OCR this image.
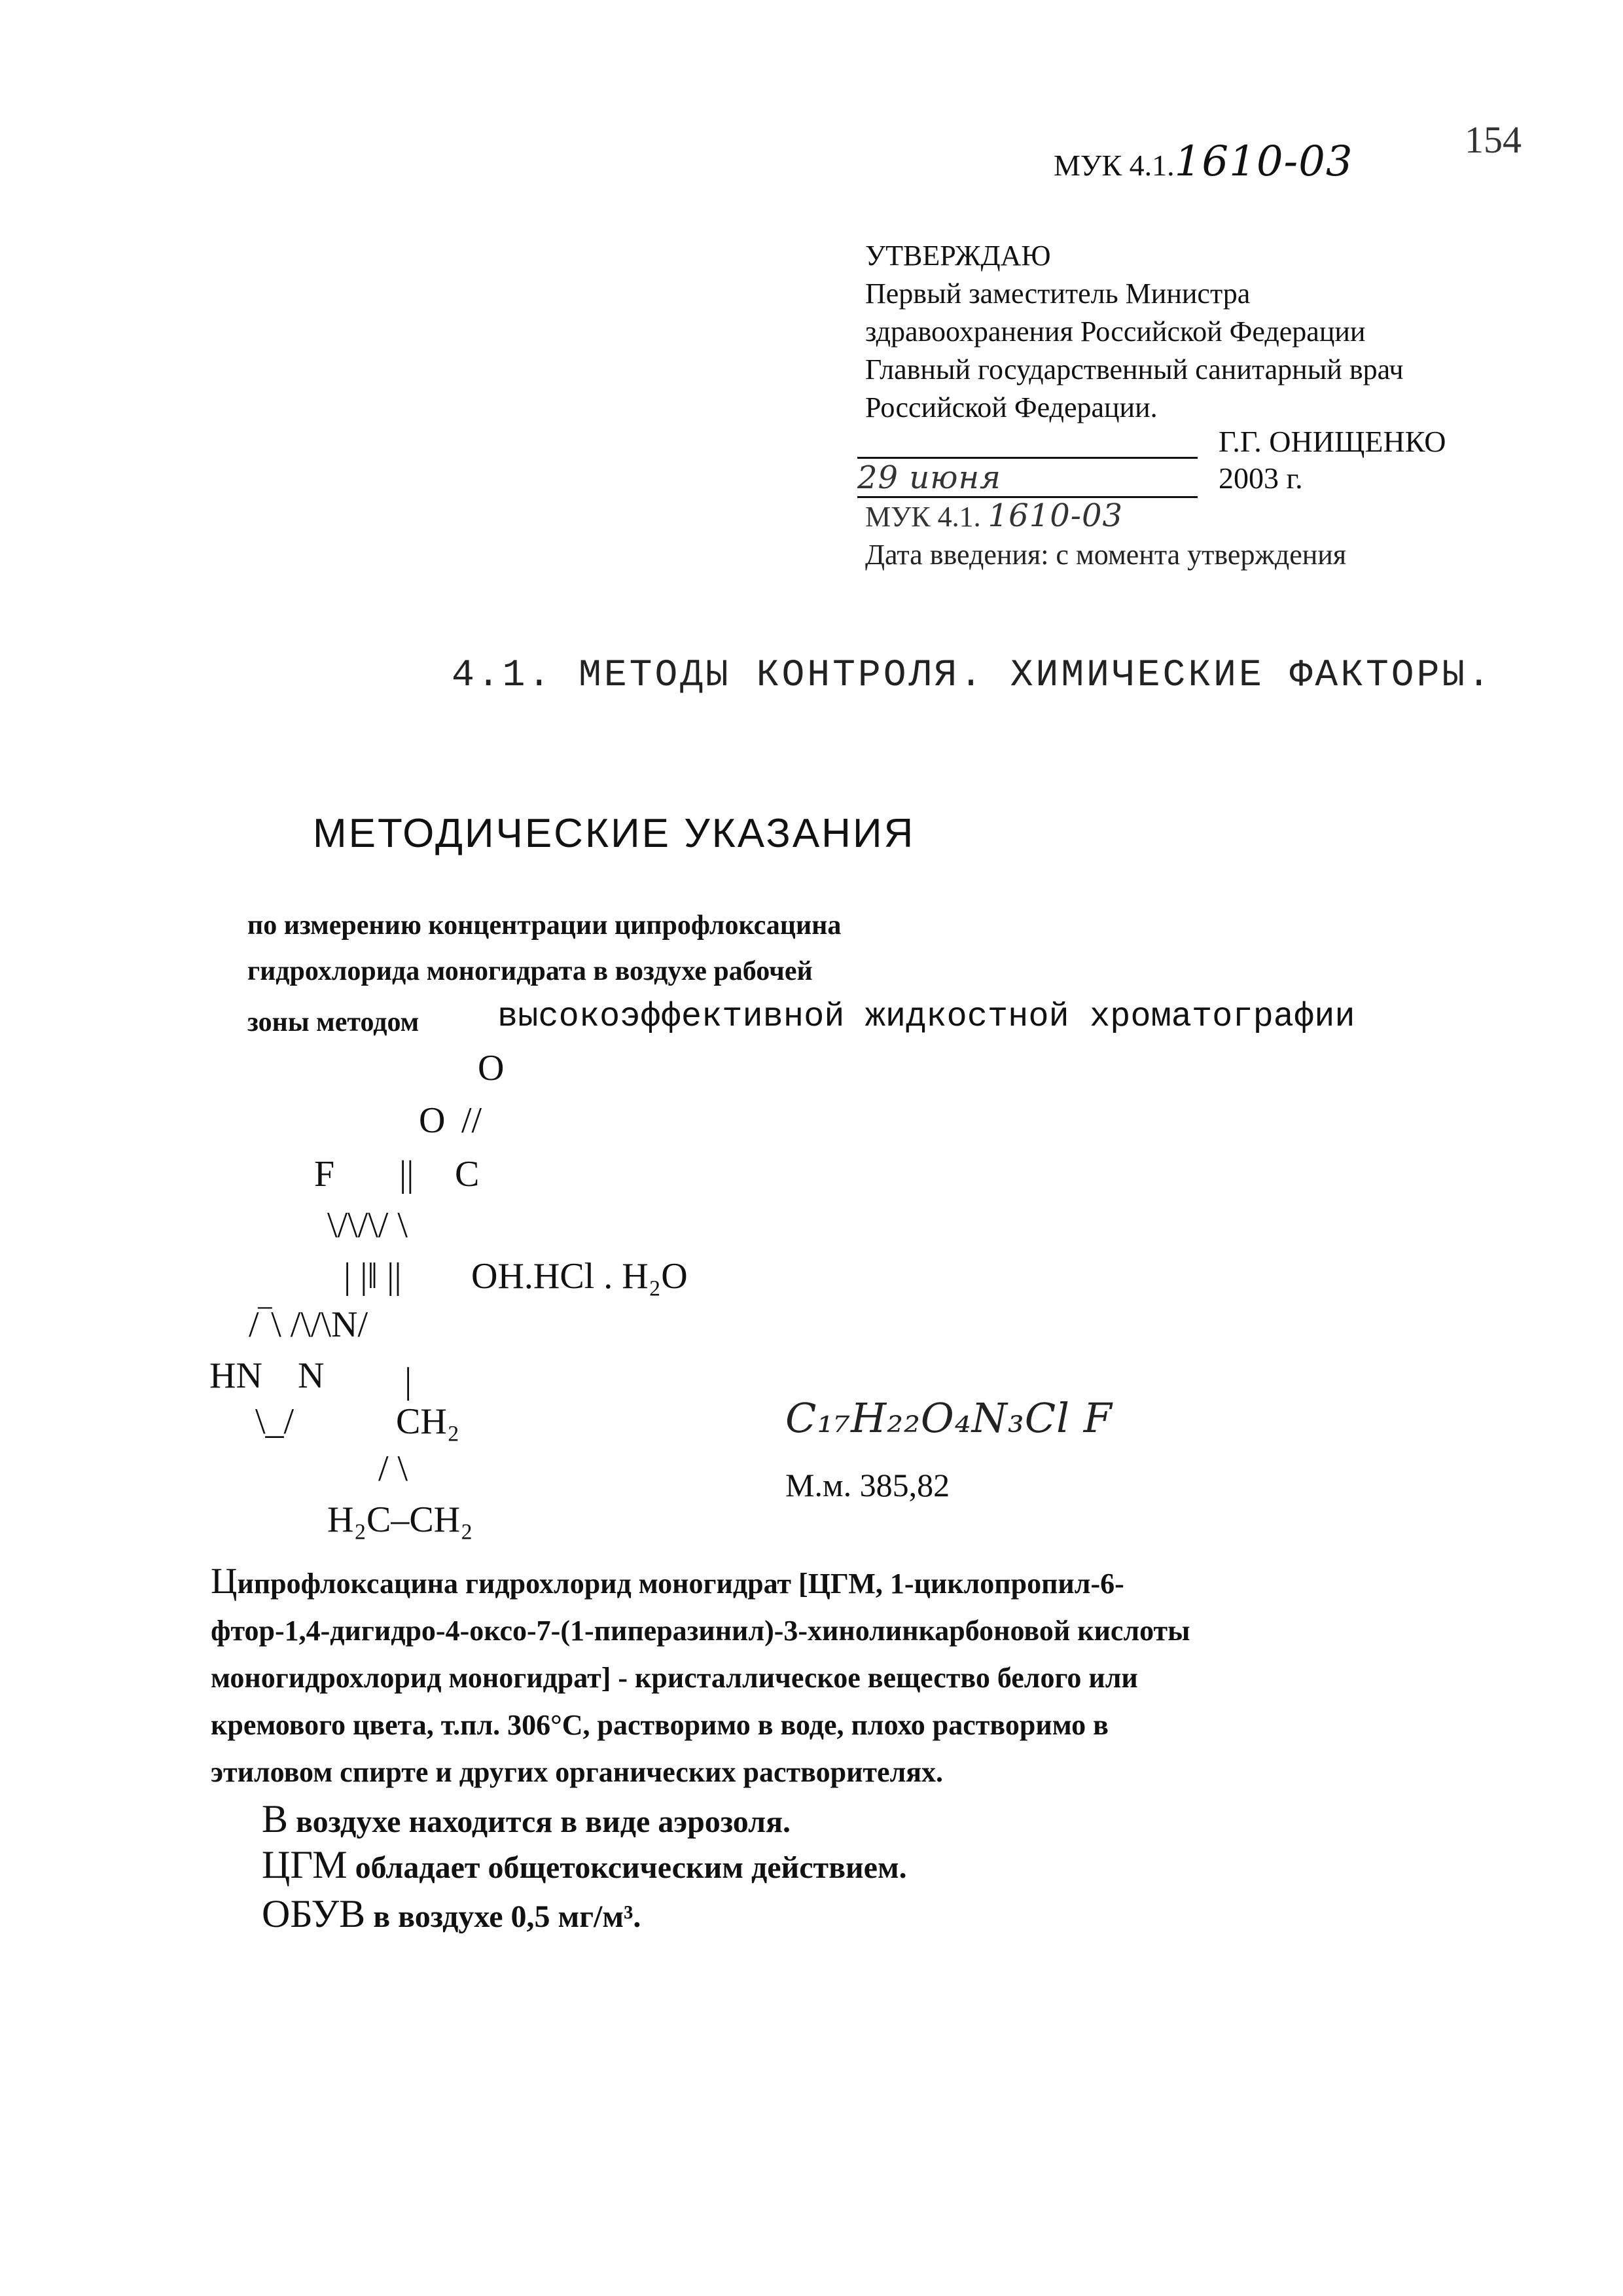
МУК 4.1.1610-03	154
УТВЕРЖДАЮ
Первый заместитель Министра
здравоохранения Российской Федерации
Главный государственный санитарный врач
Российской Федерации.
Г.Г. ОНИЩЕНКО
29 июня	2003 г.
МУК 4.1. 1610-03
Дата введения: с момента утверждения
4.1. МЕТОДЫ КОНТРОЛЯ. ХИМИЧЕСКИЕ ФАКТОРЫ.
МЕТОДИЧЕСКИЕ УКАЗАНИЯ
по измерению концентрации ципрофлоксацина
гидрохлорида моногидрата в воздухе рабочей
зоны методом высокоэффективной жидкостной хроматографии
O
O //
F || C
\/\/\/ \
| |‖ || OH.HCl . H₂O
/‾\ /\/\N/
HN N |
CH₂
\_/
/ \
H₂C–CH₂
C₁₇H₂₂O₄N₃Cl F
М.м. 385,82
Ципрофлоксацина гидрохлорид моногидрат [ЦГМ, 1-циклопропил-6-
фтор-1,4-дигидро-4-оксо-7-(1-пиперазинил)-3-хинолинкарбоновой кислоты
моногидрохлорид моногидрат] - кристаллическое вещество белого или
кремового цвета, т.пл. 306°С, растворимо в воде, плохо растворимо в
этиловом спирте и других органических растворителях.
В воздухе находится в виде аэрозоля.
ЦГМ обладает общетоксическим действием.
ОБУВ в воздухе 0,5 мг/м³.
